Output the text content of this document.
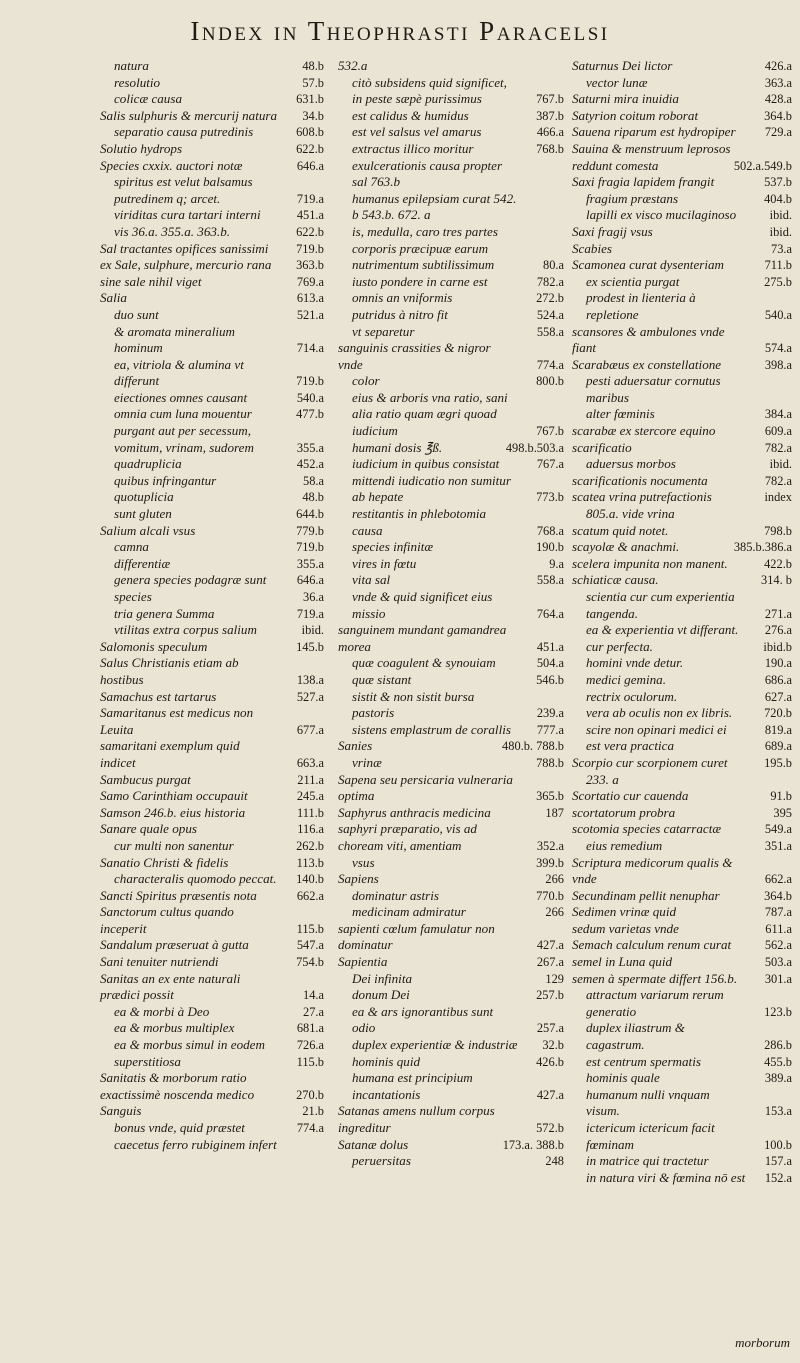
Index in Theophrasti Paracelsi
natura	48.b
resolutio	57.b
colicæ causa	631.b
Salis sulphuris & mercurij natura	34.b
separatio causa putredinis	608.b
Solutio hydrops	622.b
Species cxxix. auctori notæ	646.a
spiritus est velut balsamus putredinem q; arcet.	719.a
viriditas cura tartari interni	451.a
vis 36.a. 355.a. 363.b.	622.b
Sal tractantes opifices sanissimi	719.b
ex Sale, sulphure, mercurio rana	363.b
sine sale nihil viget	769.a
Salia	613.a
duo sunt	521.a
& aromata mineralium hominum	714.a
ea, vitriola & alumina vt differunt	719.b
eiectiones omnes causant	540.a
omnia cum luna mouentur	477.b
purgant aut per secessum, vomitum, vrinam, sudorem	355.a
quadruplicia	452.a
quibus infringantur	58.a
quotuplicia	48.b
sunt gluten	644.b
Salium alcali vsus	779.b
camna	719.b
differentiæ	355.a
genera species podagræ sunt	646.a
species	36.a
tria genera Summa	719.a
vtilitas extra corpus salium	ibid.
Salomonis speculum	145.b
Salus Christianis etiam ab hostibus	138.a
Samachus est tartarus	527.a
Samaritanus est medicus non Leuita	677.a
samaritani exemplum quid indicet	663.a
Sambucus purgat	211.a
Samo Carinthiam occupauit	245.a
Samson 246.b. eius historia	111.b
Sanare quale opus	116.a
cur multi non sanentur	262.b
Sanatio Christi & fidelis	113.b
characteralis quomodo peccat.	140.b
Sancti Spiritus præsentis nota	662.a
Sanctorum cultus quando inceperit	115.b
Sandalum præseruat à gutta	547.a
Sani tenuiter nutriendi	754.b
Sanitas an ex ente naturali prædici possit	14.a
ea & morbi à Deo	27.a
ea & morbus multiplex	681.a
ea & morbus simul in eodem	726.a
superstitiosa	115.b
Sanitatis & morborum ratio exactissimè noscenda medico	270.b
Sanguis	21.b
bonus vnde, quid præstet	774.a
caecetus ferro rubiginem infert
532.a
citò subsidens quid significet, in peste sæpè purissimus	767.b
est calidus & humidus	387.b
est vel salsus vel amarus	466.a
extractus illico moritur	768.b
exulcerationis causa propter sal 763.b
humanus epilepsiam curat 542. b 543.b. 672. a
is, medulla, caro tres partes corporis præcipuæ earum nutrimentum subtilissimum	80.a
iusto pondere in carne est	782.a
omnis an vniformis	272.b
putridus à nitro fit	524.a
vt separetur	558.a
sanguinis crassities & nigror vnde	774.a
color	800.b
eius & arboris vna ratio, sani alia ratio quam ægri quoad iudicium	767.b
humani dosis ℥ß.	498.b.503.a
iudicium in quibus consistat	767.a
mittendi iudicatio non sumitur ab hepate	773.b
restitantis in phlebotomia causa	768.a
species infinitæ	190.b
vires in fœtu	9.a
vita sal	558.a
vnde & quid significet eius missio	764.a
sanguinem mundant gamandrea morea	451.a
quæ coagulent & synouiam	504.a
quæ sistant	546.b
sistit & non sistit bursa pastoris	239.a
sistens emplastrum de corallis	777.a
Sanies	480.b. 788.b
vrinæ	788.b
Sapena seu persicaria vulneraria optima	365.b
Saphyrus anthracis medicina	187
saphyri præparatio, vis ad choream viti, amentiam	352.a
vsus	399.b
Sapiens	266
dominatur astris	770.b
medicinam admiratur	266
sapienti cœlum famulatur non dominatur	427.a
Sapientia	267.a
Dei infinita	129
donum Dei	257.b
ea & ars ignorantibus sunt odio	257.a
duplex experientiæ & industriæ	32.b
hominis quid	426.b
humana est principium incantationis	427.a
Satanas amens nullum corpus ingreditur	572.b
Satanæ dolus	173.a. 388.b
peruersitas	248
Saturnus Dei lictor	426.a
vector lunæ	363.a
Saturni mira inuidia	428.a
Satyrion coitum roborat	364.b
Sauena riparum est hydropiper	729.a
Sauina & menstruum leprosos reddunt comesta	502.a.549.b
Saxi fragia lapidem frangit	537.b
fragium præstans	404.b
lapilli ex visco mucilaginoso	ibid.
Saxi fragij vsus	ibid.
Scabies	73.a
Scamonea curat dysenteriam	711.b
ex scientia purgat	275.b
prodest in lienteria à repletione	540.a
scansores & ambulones vnde fiant	574.a
Scarabæus ex constellatione	398.a
pesti aduersatur cornutus maribus
alter fœminis	384.a
scarabæ ex stercore equino	609.a
scarificatio	782.a
aduersus morbos	ibid.
scarificationis nocumenta	782.a
scatea vrina putrefactionis	index
805.a. vide vrina
scatum quid notet.	798.b
scayolæ & anachmi.	385.b.386.a
scelera impunita non manent.	422.b
schiaticæ causa.	314. b
scientia cur cum experientia tangenda.	271.a
ea & experientia vt differant.	276.a
cur perfecta.	ibid.b
homini vnde detur.	190.a
medici gemina.	686.a
rectrix oculorum.	627.a
vera ab oculis non ex libris.	720.b
scire non opinari medici ei	819.a
est vera practica	689.a
Scorpio cur scorpionem curet	195.b
233. a
Scortatio cur cauenda	91.b
scortatorum probra	395
scotomia species catarractæ	549.a
eius remedium	351.a
Scriptura medicorum qualis & vnde	662.a
Secundinam pellit nenuphar	364.b
Sedimen vrinæ quid	787.a
sedum varietas vnde	611.a
Semach calculum renum curat	562.a
semel in Luna quid	503.a
semen à spermate differt 156.b.	301.a
attractum variarum rerum generatio	123.b
duplex iliastrum & cagastrum.	286.b
est centrum spermatis	455.b
hominis quale	389.a
humanum nulli vnquam visum.	153.a
ictericum ictericum facit fœminam	100.b
in matrice qui tractetur	157.a
in natura viri & fœmina nō est	152.a
morborum
